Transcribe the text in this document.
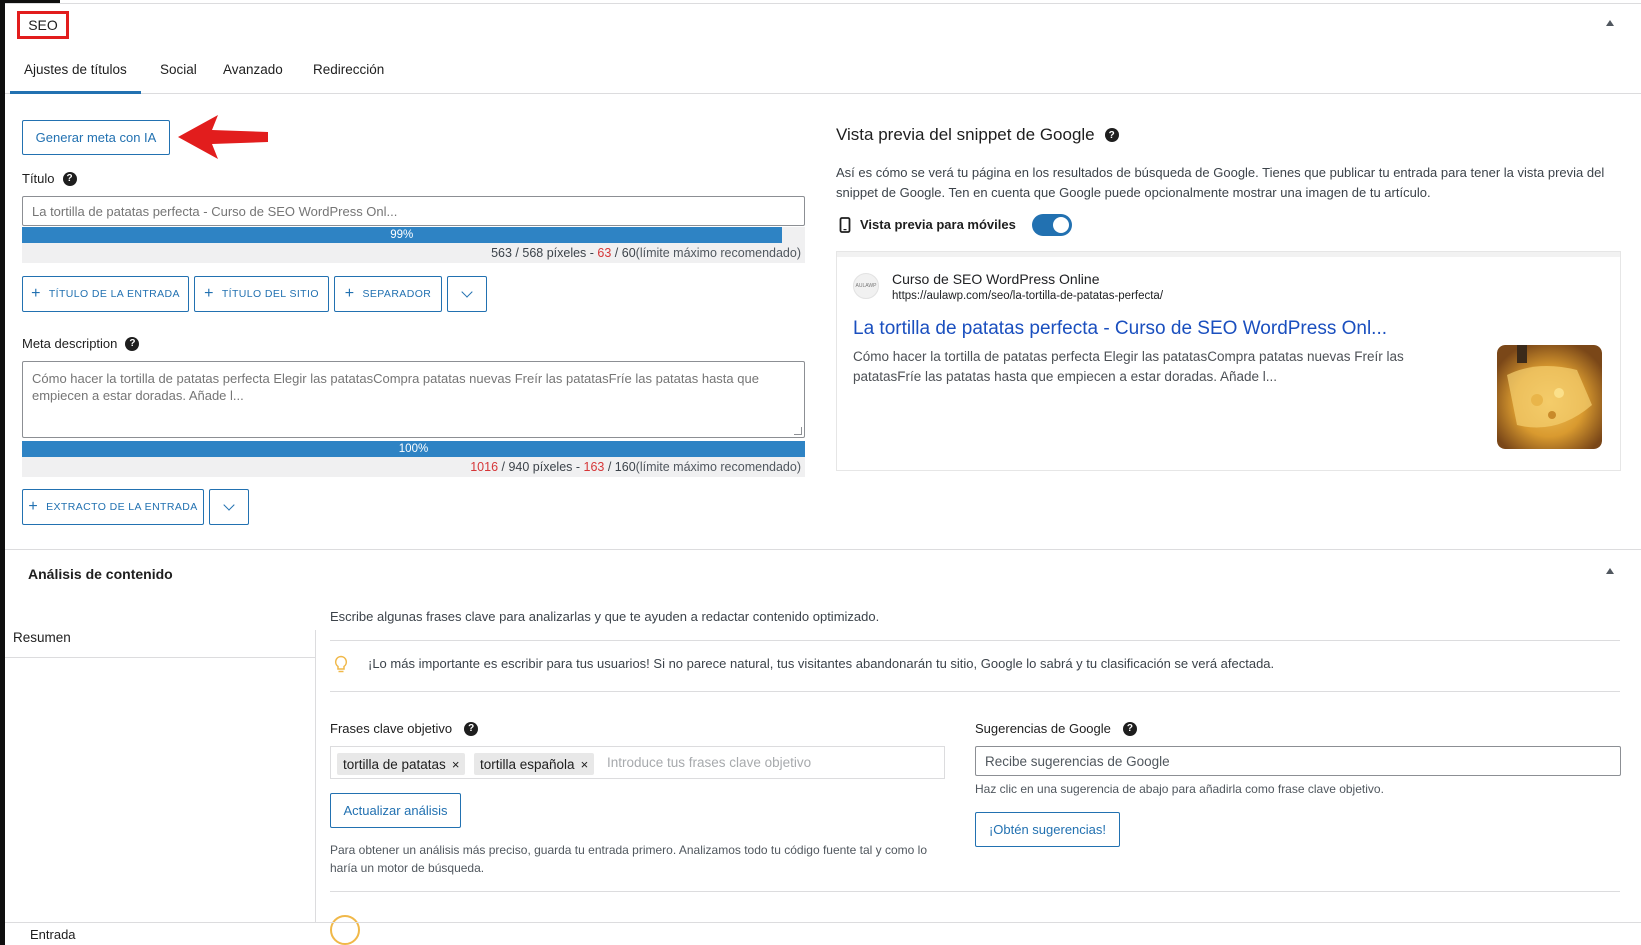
SEO
Ajustes de títulos	Social	Avanzado	Redirección
Generar meta con IA
Título	?
La tortilla de patatas perfecta - Curso de SEO WordPress Onl...
99%
563 / 568 píxeles - 63 / 60(límite máximo recomendado)
+ TÍTULO DE LA ENTRADA + TÍTULO DEL SITIO + SEPARADOR
Meta description	?
Cómo hacer la tortilla de patatas perfecta Elegir las patatasCompra patatas nuevas Freír las patatasFríe las patatas hasta que empiecen a estar doradas. Añade l...
100%
1016 / 940 píxeles - 163 / 160(límite máximo recomendado)
+ EXTRACTO DE LA ENTRADA
Vista previa del snippet de Google	?
Así es cómo se verá tu página en los resultados de búsqueda de Google. Tienes que publicar tu entrada para tener la vista previa del snippet de Google. Ten en cuenta que Google puede opcionalmente mostrar una imagen de tu artículo.
Vista previa para móviles
AULAWP Curso de SEO WordPress Online
https://aulawp.com/seo/la-tortilla-de-patatas-perfecta/
La tortilla de patatas perfecta - Curso de SEO WordPress Onl...
Cómo hacer la tortilla de patatas perfecta Elegir las patatasCompra patatas nuevas Freír las patatasFríe las patatas hasta que empiecen a estar doradas. Añade l...
Análisis de contenido
Resumen
Escribe algunas frases clave para analizarlas y que te ayuden a redactar contenido optimizado.
¡Lo más importante es escribir para tus usuarios! Si no parece natural, tus visitantes abandonarán tu sitio, Google lo sabrá y tu clasificación se verá afectada.
Frases clave objetivo	?
tortilla de patatas × tortilla española × Introduce tus frases clave objetivo
Actualizar análisis
Para obtener un análisis más preciso, guarda tu entrada primero. Analizamos todo tu código fuente tal y como lo haría un motor de búsqueda.
Sugerencias de Google	?
Recibe sugerencias de Google
Haz clic en una sugerencia de abajo para añadirla como frase clave objetivo.
¡Obtén sugerencias!
Entrada
